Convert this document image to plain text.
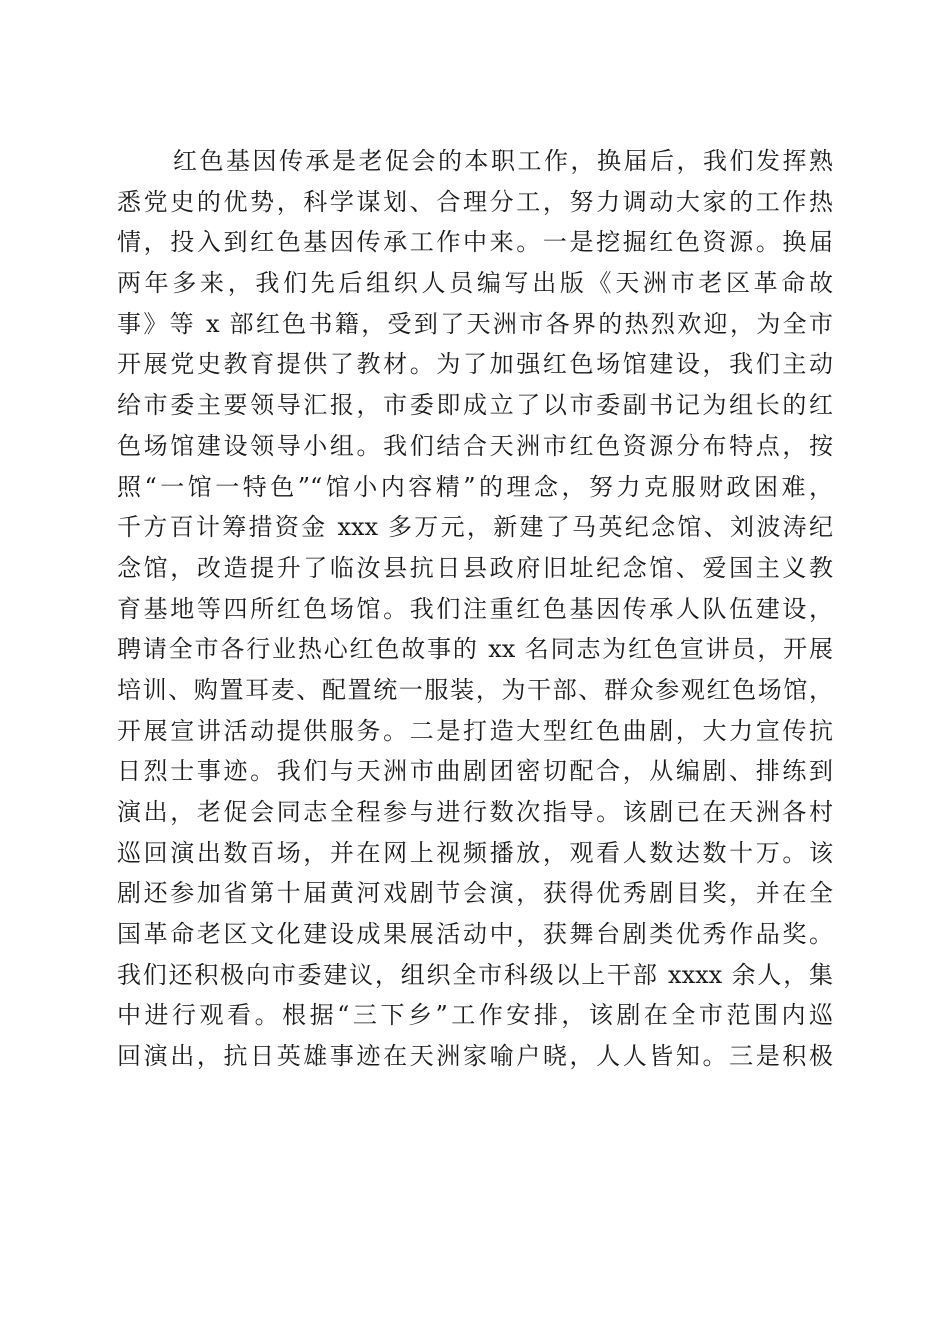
红色基因传承是老促会的本职工作，换届后，我们发挥熟
悉党史的优势，科学谋划、合理分工，努力调动大家的工作热
情，投入到红色基因传承工作中来。一是挖掘红色资源。换届
两年多来，我们先后组织人员编写出版《天洲市老区革命故
事》等 x 部红色书籍，受到了天洲市各界的热烈欢迎，为全市
开展党史教育提供了教材。为了加强红色场馆建设，我们主动
给市委主要领导汇报，市委即成立了以市委副书记为组长的红
色场馆建设领导小组。我们结合天洲市红色资源分布特点，按
照“一馆一特色”“馆小内容精”的理念，努力克服财政困难，
千方百计筹措资金 xxx 多万元，新建了马英纪念馆、刘波涛纪
念馆，改造提升了临汝县抗日县政府旧址纪念馆、爱国主义教
育基地等四所红色场馆。我们注重红色基因传承人队伍建设，
聘请全市各行业热心红色故事的 xx 名同志为红色宣讲员，开展
培训、购置耳麦、配置统一服装，为干部、群众参观红色场馆，
开展宣讲活动提供服务。二是打造大型红色曲剧，大力宣传抗
日烈士事迹。我们与天洲市曲剧团密切配合，从编剧、排练到
演出，老促会同志全程参与进行数次指导。该剧已在天洲各村
巡回演出数百场，并在网上视频播放，观看人数达数十万。该
剧还参加省第十届黄河戏剧节会演，获得优秀剧目奖，并在全
国革命老区文化建设成果展活动中，获舞台剧类优秀作品奖。
我们还积极向市委建议，组织全市科级以上干部 xxxx 余人，集
中进行观看。根据“三下乡”工作安排，该剧在全市范围内巡
回演出，抗日英雄事迹在天洲家喻户晓，人人皆知。三是积极
